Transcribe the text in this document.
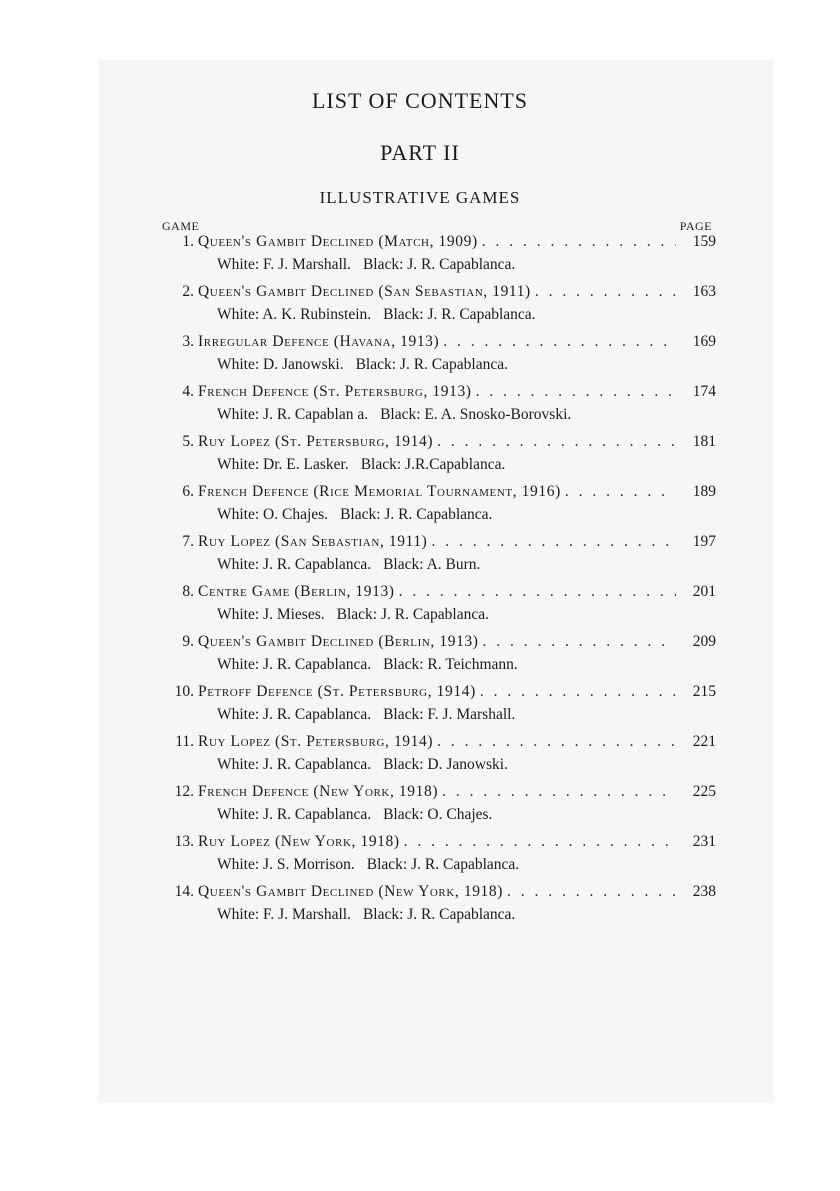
LIST OF CONTENTS
PART II
ILLUSTRATIVE GAMES
GAME	PAGE
1. Queen's Gambit Declined (Match, 1909) . . .	159
White: F. J. Marshall. Black: J. R. Capablanca.
2. Queen's Gambit Declined (San Sebastian, 1911) . . .	163
White: A. K. Rubinstein. Black: J. R. Capablanca.
3. Irregular Defence (Havana, 1913) . . .	169
White: D. Janowski. Black: J. R. Capablanca.
4. French Defence (St. Petersburg, 1913) . . .	174
White: J. R. Capablan a. Black: E. A. Snosko-Borovski.
5. Ruy Lopez (St. Petersburg, 1914) . . .	181
White: Dr. E. Lasker. Black: J.R.Capablanca.
6. French Defence (Rice Memorial Tournament, 1916) . . .	189
White: O. Chajes. Black: J. R. Capablanca.
7. Ruy Lopez (San Sebastian, 1911) . . .	197
White: J. R. Capablanca. Black: A. Burn.
8. Centre Game (Berlin, 1913) . . .	201
White: J. Mieses. Black: J. R. Capablanca.
9. Queen's Gambit Declined (Berlin, 1913) . . .	209
White: J. R. Capablanca. Black: R. Teichmann.
10. Petroff Defence (St. Petersburg, 1914) . . .	215
White: J. R. Capablanca. Black: F. J. Marshall.
11. Ruy Lopez (St. Petersburg, 1914) . . .	221
White: J. R. Capablanca. Black: D. Janowski.
12. French Defence (New York, 1918) . . .	225
White: J. R. Capablanca. Black: O. Chajes.
13. Ruy Lopez (New York, 1918) . . .	231
White: J. S. Morrison. Black: J. R. Capablanca.
14. Queen's Gambit Declined (New York, 1918) . . .	238
White: F. J. Marshall. Black: J. R. Capablanca.
